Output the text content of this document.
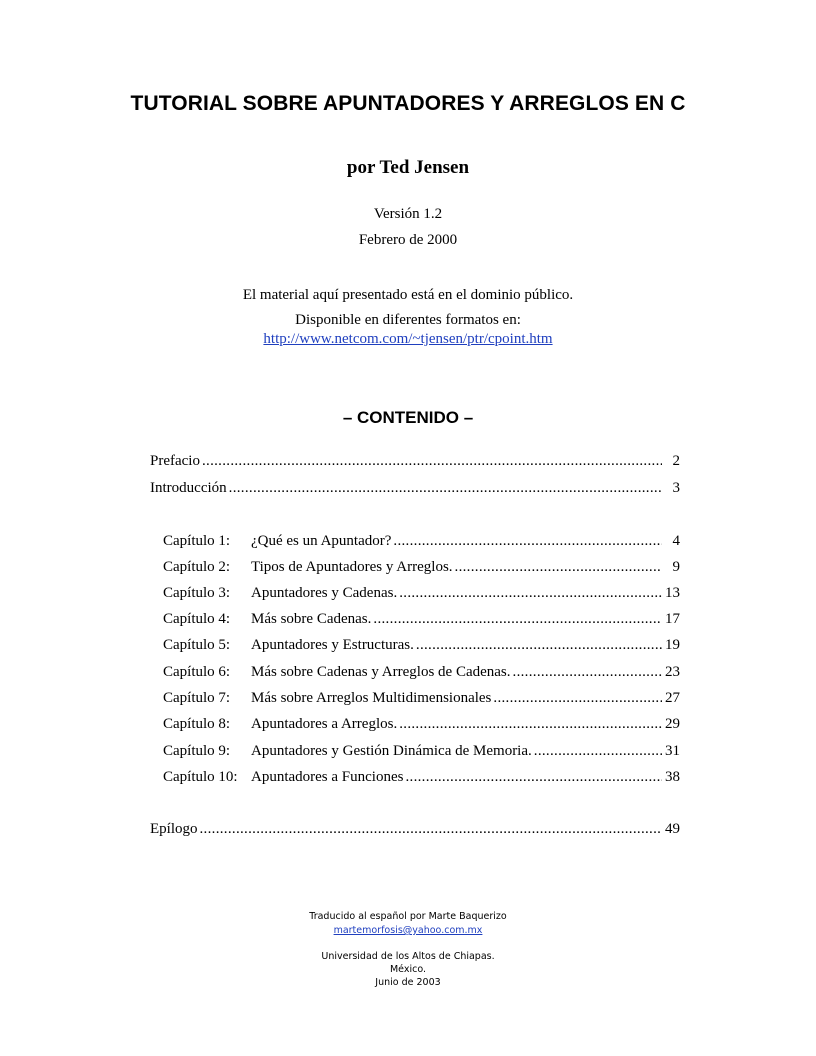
TUTORIAL SOBRE APUNTADORES Y ARREGLOS EN C
por Ted Jensen
Versión 1.2
Febrero de 2000
El material aquí presentado está en el dominio público.
Disponible en diferentes formatos en:
http://www.netcom.com/~tjensen/ptr/cpoint.htm
– CONTENIDO –
Prefacio .....	2
Introducción .....	3
Capítulo 1:	¿Qué es un Apuntador? .....	4
Capítulo 2:	Tipos de Apuntadores y Arreglos. .....	9
Capítulo 3:	Apuntadores y Cadenas. .....	13
Capítulo 4:	Más sobre Cadenas. .....	17
Capítulo 5:	Apuntadores y Estructuras. .....	19
Capítulo 6:	Más sobre Cadenas y Arreglos de Cadenas. .....	23
Capítulo 7:	Más sobre Arreglos Multidimensionales .....	27
Capítulo 8:	Apuntadores a Arreglos. .....	29
Capítulo 9:	Apuntadores y Gestión Dinámica de Memoria. .....	31
Capítulo 10: Apuntadores a Funciones .....	38
Epílogo .....	49
Traducido al español por Marte Baquerizo
martemorfosis@yahoo.com.mx
Universidad de los Altos de Chiapas.
México.
Junio de 2003
